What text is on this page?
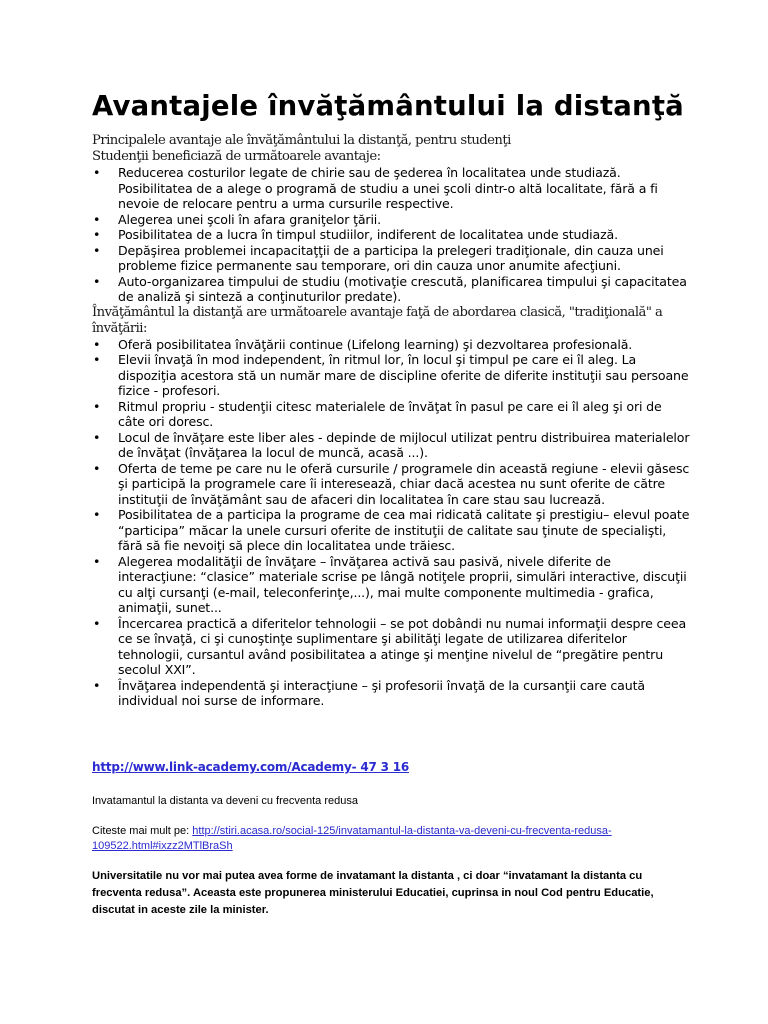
Avantajele învăţământului la distanţă
Principalele avantaje ale învăţământului la distanţă, pentru studenţi
Studenţii beneficiază de următoarele avantaje:
•	Reducerea costurilor legate de chirie sau de şederea în localitatea unde studiază. Posibilitatea de a alege o programă de studiu a unei şcoli dintr-o altă localitate, fără a fi nevoie de relocare pentru a urma cursurile respective.
•	Alegerea unei şcoli în afara graniţelor ţării.
•	Posibilitatea de a lucra în timpul studiilor, indiferent de localitatea unde studiază.
•	Depăşirea problemei incapacitaţţii de a participa la prelegeri tradiţionale, din cauza unei probleme fizice permanente sau temporare, ori din cauza unor anumite afecţiuni.
•	Auto-organizarea timpului de studiu (motivaţie crescută, planificarea timpului şi capacitatea de analiză şi sinteză a conţinuturilor predate).
Învăţământul la distanţă are următoarele avantaje faţă de abordarea clasică, "tradiţională" a învăţării:
•	Oferă posibilitatea învăţării continue (Lifelong learning) şi dezvoltarea profesională.
•	Elevii învaţă în mod independent, în ritmul lor, în locul şi timpul pe care ei îl aleg. La dispoziţia acestora stă un număr mare de discipline oferite de diferite instituţii sau persoane fizice - profesori.
•	Ritmul propriu - studenţii citesc materialele de învăţat în pasul pe care ei îl aleg şi ori de câte ori doresc.
•	Locul de învăţare este liber ales - depinde de mijlocul utilizat pentru distribuirea materialelor de învăţat (învăţarea la locul de muncă, acasă ...).
•	Oferta de teme pe care nu le oferă cursurile / programele din această regiune - elevii găsesc şi participă la programele care îi interesează, chiar dacă acestea nu sunt oferite de către instituţii de învăţământ sau de afaceri din localitatea în care stau sau lucrează.
•	Posibilitatea de a participa la programe de cea mai ridicată calitate şi prestigiu– elevul poate “participa” măcar la unele cursuri oferite de instituţii de calitate sau ţinute de specialişti, fără să fie nevoiţi să plece din localitatea unde trăiesc.
•	Alegerea modalităţii de învăţare – învăţarea activă sau pasivă, nivele diferite de interacţiune: “clasice” materiale scrise pe lângă notiţele proprii, simulări interactive, discuţii cu alţi cursanţi (e-mail, teleconferinţe,...), mai multe componente multimedia - grafica, animaţii, sunet...
•	Încercarea practică a diferitelor tehnologii – se pot dobândi nu numai informaţii despre ceea ce se învaţă, ci şi cunoştinţe suplimentare şi abilităţi legate de utilizarea diferitelor tehnologii, cursantul având posibilitatea a atinge şi menţine nivelul de “pregătire pentru secolul XXI”.
•	Învăţarea independentă şi interacţiune – şi profesorii învaţă de la cursanţii care caută individual noi surse de informare.
http://www.link-academy.com/Academy- 47 3 16
Invatamantul la distanta va deveni cu frecventa redusa
Citeste mai mult pe: http://stiri.acasa.ro/social-125/invatamantul-la-distanta-va-deveni-cu-frecventa-redusa-109522.html#ixzz2MTlBraSh
Universitatile nu vor mai putea avea forme de invatamant la distanta , ci doar “invatamant la distanta cu frecventa redusa”. Aceasta este propunerea ministerului Educatiei, cuprinsa in noul Cod pentru Educatie, discutat in aceste zile la minister.
